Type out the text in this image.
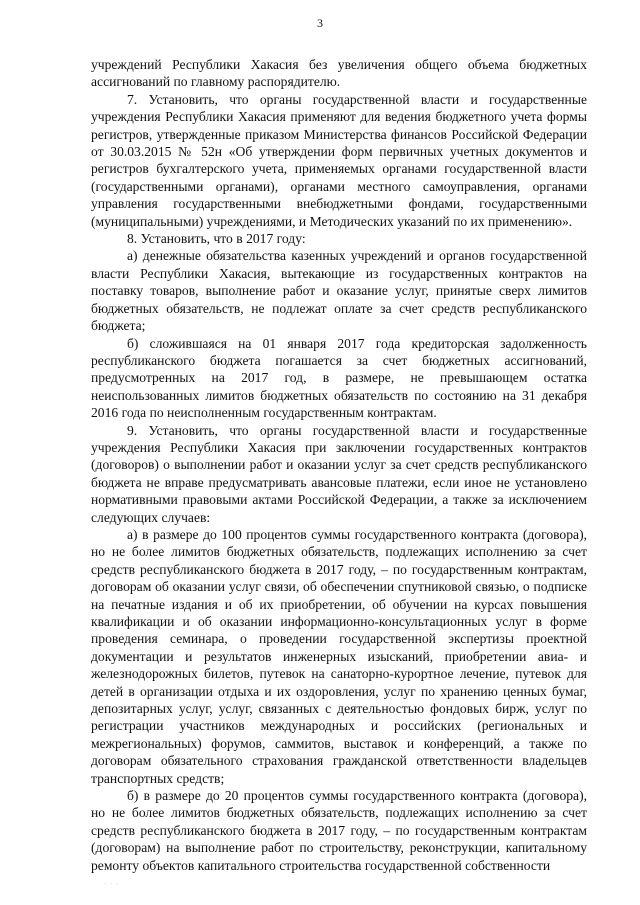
3

учреждений Республики Хакасия без увеличения общего объема бюджетных ассигнований по главному распорядителю.

7. Установить, что органы государственной власти и государственные учреждения Республики Хакасия применяют для ведения бюджетного учета формы регистров, утвержденные приказом Министерства финансов Российской Федерации от 30.03.2015 № 52н «Об утверждении форм первичных учетных документов и регистров бухгалтерского учета, применяемых органами государственной власти (государственными органами), органами местного самоуправления, органами управления государственными внебюджетными фондами, государственными (муниципальными) учреждениями, и Методических указаний по их применению».

8. Установить, что в 2017 году:

а) денежные обязательства казенных учреждений и органов государственной власти Республики Хакасия, вытекающие из государственных контрактов на поставку товаров, выполнение работ и оказание услуг, принятые сверх лимитов бюджетных обязательств, не подлежат оплате за счет средств республиканского бюджета;

б) сложившаяся на 01 января 2017 года кредиторская задолженность республиканского бюджета погашается за счет бюджетных ассигнований, предусмотренных на 2017 год, в размере, не превышающем остатка неиспользованных лимитов бюджетных обязательств по состоянию на 31 декабря 2016 года по неисполненным государственным контрактам.

9. Установить, что органы государственной власти и государственные учреждения Республики Хакасия при заключении государственных контрактов (договоров) о выполнении работ и оказании услуг за счет средств республиканского бюджета не вправе предусматривать авансовые платежи, если иное не установлено нормативными правовыми актами Российской Федерации, а также за исключением следующих случаев:

а) в размере до 100 процентов суммы государственного контракта (договора), но не более лимитов бюджетных обязательств, подлежащих исполнению за счет средств республиканского бюджета в 2017 году, – по государственным контрактам, договорам об оказании услуг связи, об обеспечении спутниковой связью, о подписке на печатные издания и об их приобретении, об обучении на курсах повышения квалификации и об оказании информационно-консультационных услуг в форме проведения семинара, о проведении государственной экспертизы проектной документации и результатов инженерных изысканий, приобретении авиа- и железнодорожных билетов, путевок на санаторно-курортное лечение, путевок для детей в организации отдыха и их оздоровления, услуг по хранению ценных бумаг, депозитарных услуг, услуг, связанных с деятельностью фондовых бирж, услуг по регистрации участников международных и российских (региональных и межрегиональных) форумов, саммитов, выставок и конференций, а также по договорам обязательного страхования гражданской ответственности владельцев транспортных средств;

б) в размере до 20 процентов суммы государственного контракта (договора), но не более лимитов бюджетных обязательств, подлежащих исполнению за счет средств республиканского бюджета в 2017 году, – по государственным контрактам (договорам) на выполнение работ по строительству, реконструкции, капитальному ремонту объектов капитального строительства государственной собственности

· · ·
